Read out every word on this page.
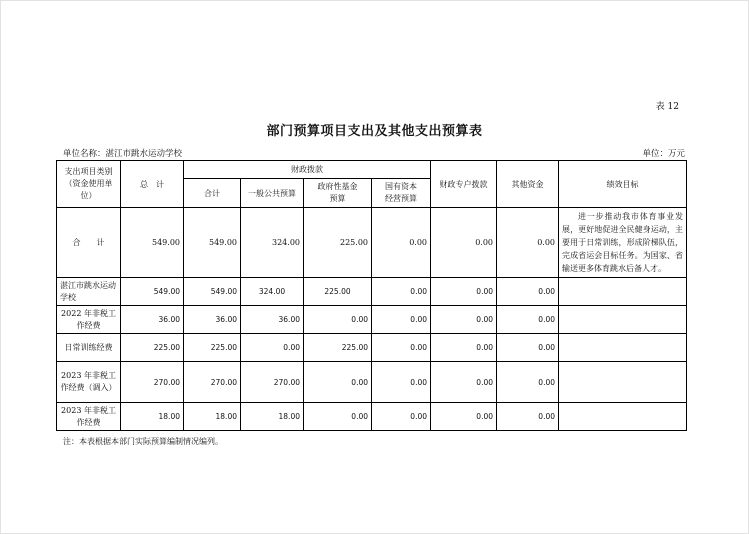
表 12
部门预算项目支出及其他支出预算表
单位名称：湛江市跳水运动学校	单位：万元
支出项目类别（资金使用单位）	总　计	财政拨款				财政专户拨款	其他资金	绩效目标
		合计	一般公共预算	政府性基金预算	国有资本经营预算			
合　　计	549.00	549.00	324.00	225.00	0.00	0.00	0.00	进一步推动我市体育事业发展，更好地促进全民健身运动，主要用于日常训练，形成阶梯队伍，完成省运会目标任务。为国家、省输送更多体育跳水后备人才。

湛江市跳水运动学校	549.00	549.00	324.00	225.00	0.00	0.00	0.00	
2022 年非税工作经费	36.00	36.00	36.00	0.00	0.00	0.00	0.00	
日常训练经费	225.00	225.00	0.00	225.00	0.00	0.00	0.00	
2023 年非税工作经费（调入）	270.00	270.00	270.00	0.00	0.00	0.00	0.00	
2023 年非税工作经费	18.00	18.00	18.00	0.00	0.00	0.00	0.00	
注：本表根据本部门实际预算编制情况编列。
